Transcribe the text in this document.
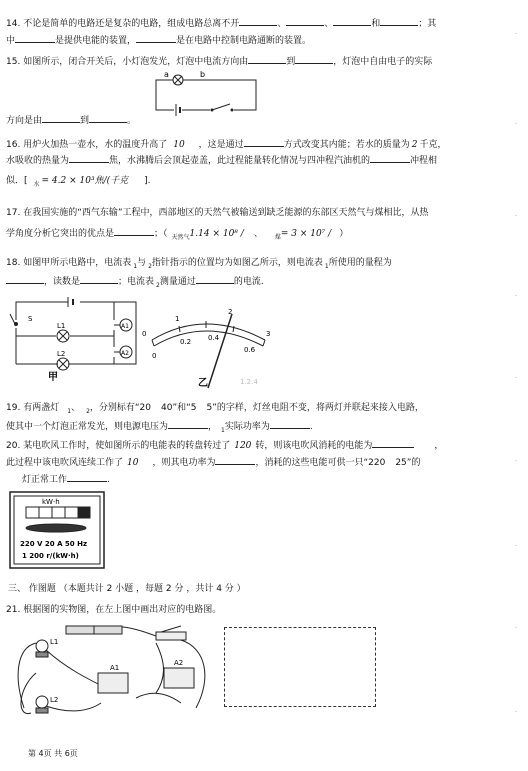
14. 不论是简单的电路还是复杂的电路，组成电路总离不开	、	、	和	；其
中	是提供电能的装置，	是在电路中控制电路通断的装置。
15. 如图所示，闭合开关后，小灯泡发光，灯泡中电流方向由	到	，灯泡中自由电子的实际
a	b
方向是由	到	。
16. 用炉火加热一壶水，水的温度升高了 10 ，这是通过	方式改变其内能；若水的质量为 2 千克，
水吸收的热量为	焦，水沸腾后会顶起壶盖，此过程能量转化情况与四冲程汽油机的	冲程相
似．[ $_水$ = 4.2 × 10³焦/(千克 ].
17. 在我国实施的“西气东输”工程中，西部地区的天然气被输送到缺乏能源的东部区天然气与煤相比，从热
学角度分析它突出的优点是	；（ $_{天然气}$1.14 × 10⁸ / 、 $_煤$= 3 × 10⁷ / ）
18. 如图甲所示电路中，电流表 $_1$与 $_2$指针指示的位置均为如图乙所示，则电流表 $_1$所使用的量程为
，读数是	；电流表 $_2$测量通过	的电流.
S
L1
L2
A1
A2
甲
0
1
2
3
0
0.2 0.4
0.6
乙	1.2.4
19. 有两盏灯 $_1$、 $_2$，分别标有“20 40”和“5 5”的字样，灯丝电阻不变，将两灯并联起来接入电路，
使其中一个灯泡正常发光，则电源电压为	， $_1$实际功率为	.
20. 某电吹风工作时，使如图所示的电能表的转盘转过了 120 转，则该电吹风消耗的电能为	，
此过程中该电吹风连续工作了 10 ，则其电功率为	，消耗的这些电能可供一只“220 25”的
灯正常工作	.
kW·h
220 V 20 A 50 Hz
1 200 r/(kW·h)
三、 作图题 （本题共计 2 小题 ，每题 2 分 ，共计 4 分 ）
21. 根据图的实物图，在左上图中画出对应的电路图。
L1
L2
A1
A2
·
·
·
·
·
·
·
·
·
第 4页 共 6页
